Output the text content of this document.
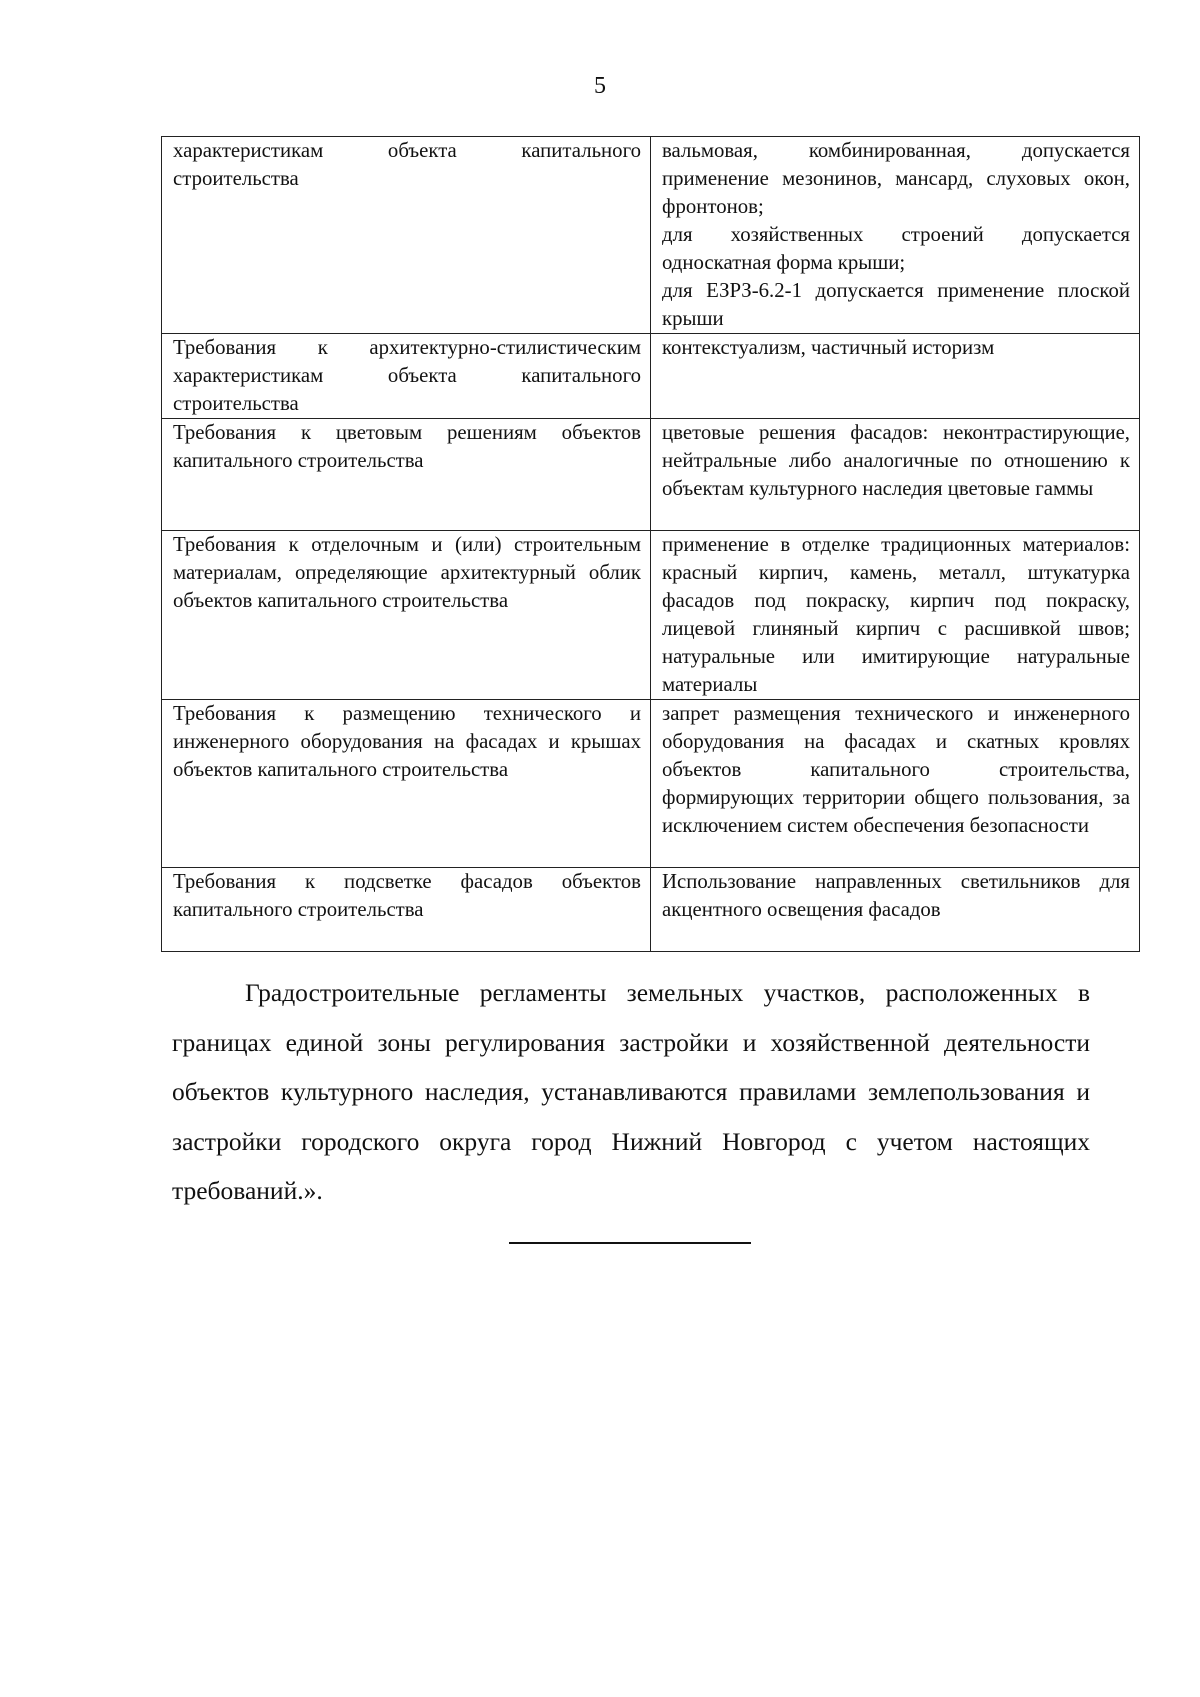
5
характеристикам объекта капитального строительства	вальмовая, комбинированная, допускается применение мезонинов, мансард, слуховых окон, фронтонов;
для хозяйственных строений допускается односкатная форма крыши;
для ЕЗРЗ-6.2-1 допускается применение плоской крыши

Требования к архитектурно-стилистическим характеристикам объекта капитального строительства	контекстуализм, частичный историзм

Требования к цветовым решениям объектов капитального строительства	цветовые решения фасадов: неконтрастирующие, нейтральные либо аналогичные по отношению к объектам культурного наследия цветовые гаммы

Требования к отделочным и (или) строительным материалам, определяющие архитектурный облик объектов капитального строительства	применение в отделке традиционных материалов: красный кирпич, камень, металл, штукатурка фасадов под покраску, кирпич под покраску, лицевой глиняный кирпич с расшивкой швов; натуральные или имитирующие натуральные материалы

Требования к размещению технического и инженерного оборудования на фасадах и крышах объектов капитального строительства	запрет размещения технического и инженерного оборудования на фасадах и скатных кровлях объектов капитального строительства, формирующих территории общего пользования, за исключением систем обеспечения безопасности

Требования к подсветке фасадов объектов капитального строительства	Использование направленных светильников для акцентного освещения фасадов

Градостроительные регламенты земельных участков, расположенных в границах единой зоны регулирования застройки и хозяйственной деятельности объектов культурного наследия, устанавливаются правилами землепользования и застройки городского округа город Нижний Новгород с учетом настоящих требований.».
